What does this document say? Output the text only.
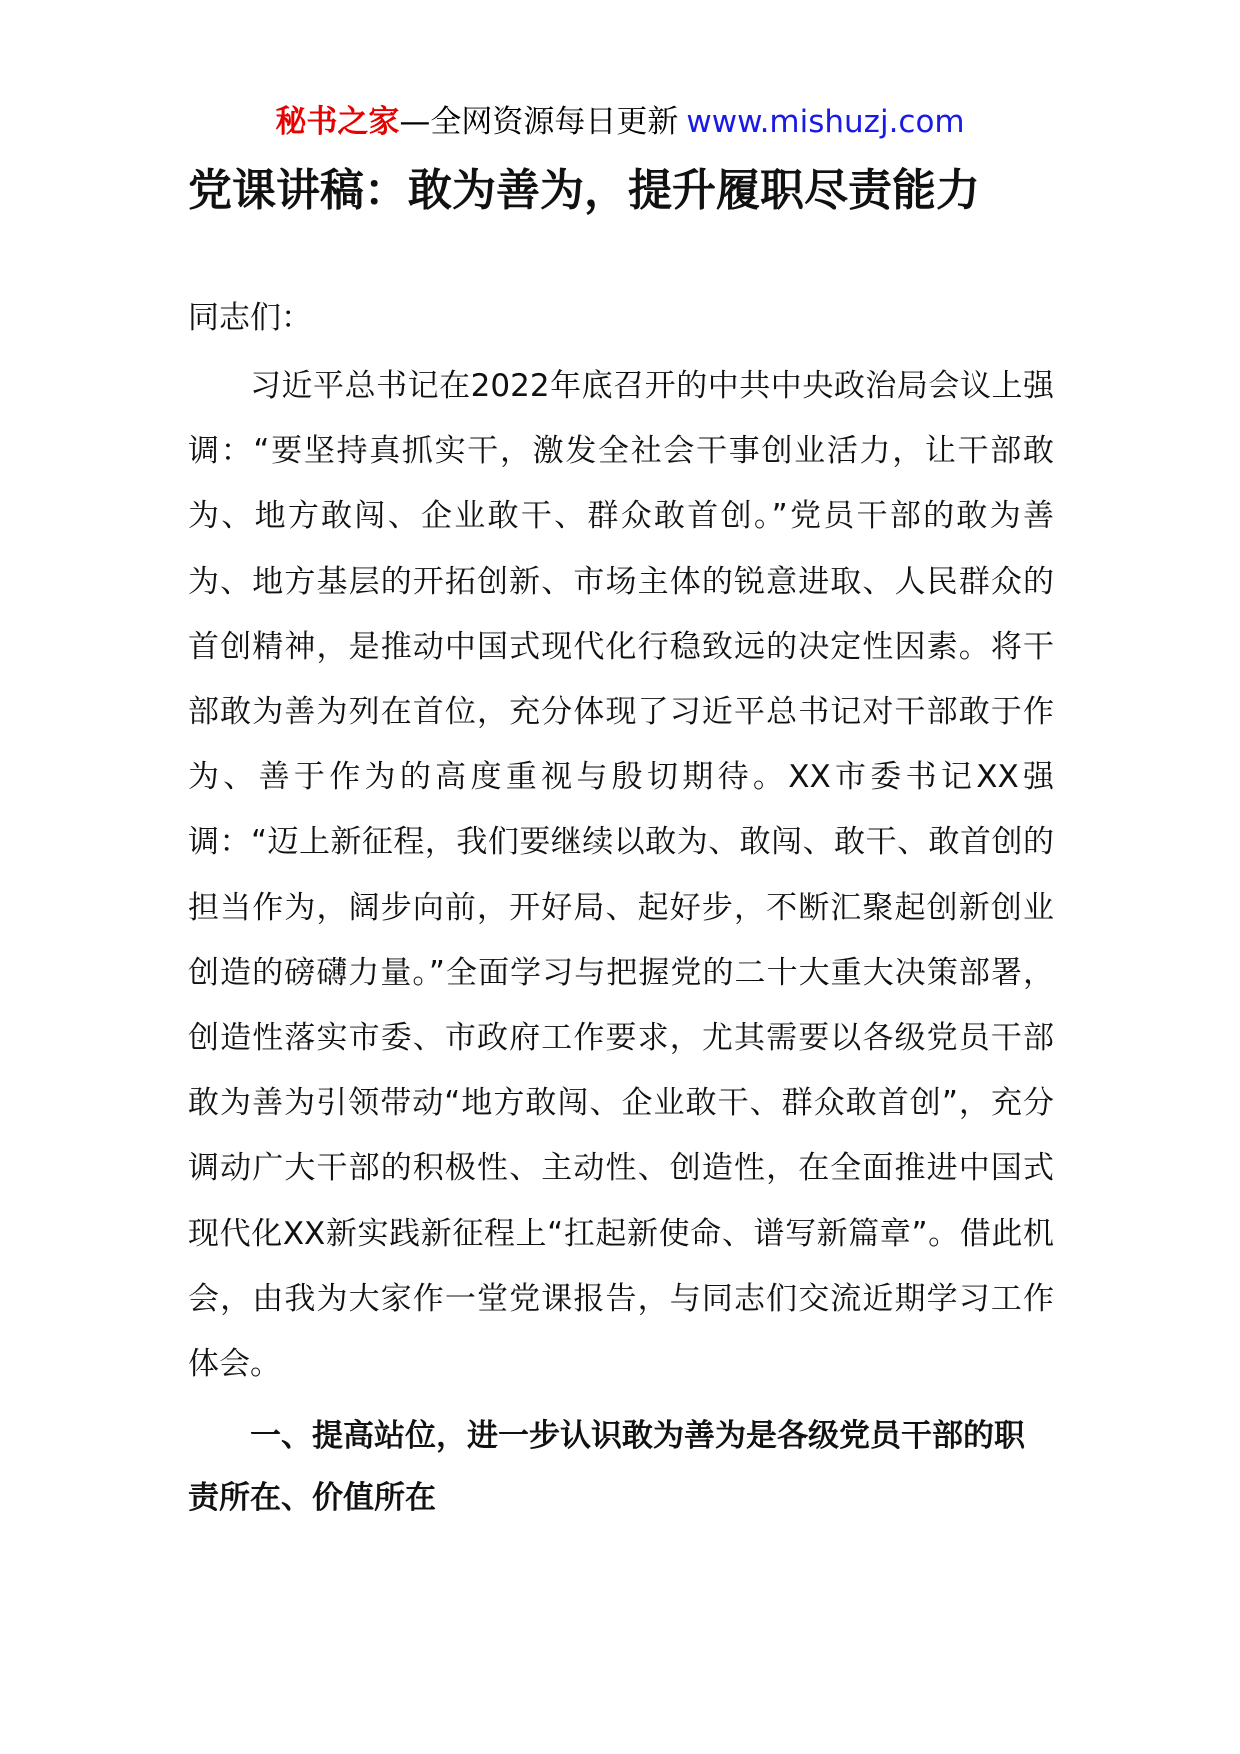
秘书之家—全网资源每日更新 www.mishuzj.com
党课讲稿：敢为善为，提升履职尽责能力

同志们：

习近平总书记在2022年底召开的中共中央政治局会议上强调：“要坚持真抓实干，激发全社会干事创业活力，让干部敢为、地方敢闯、企业敢干、群众敢首创。”党员干部的敢为善为、地方基层的开拓创新、市场主体的锐意进取、人民群众的首创精神，是推动中国式现代化行稳致远的决定性因素。将干部敢为善为列在首位，充分体现了习近平总书记对干部敢于作为、善于作为的高度重视与殷切期待。XX市委书记XX强调：“迈上新征程，我们要继续以敢为、敢闯、敢干、敢首创的担当作为，阔步向前，开好局、起好步，不断汇聚起创新创业创造的磅礴力量。”全面学习与把握党的二十大重大决策部署，创造性落实市委、市政府工作要求，尤其需要以各级党员干部敢为善为引领带动“地方敢闯、企业敢干、群众敢首创”，充分调动广大干部的积极性、主动性、创造性，在全面推进中国式现代化XX新实践新征程上“扛起新使命、谱写新篇章”。借此机会，由我为大家作一堂党课报告，与同志们交流近期学习工作体会。

一、提高站位，进一步认识敢为善为是各级党员干部的职责所在、价值所在
